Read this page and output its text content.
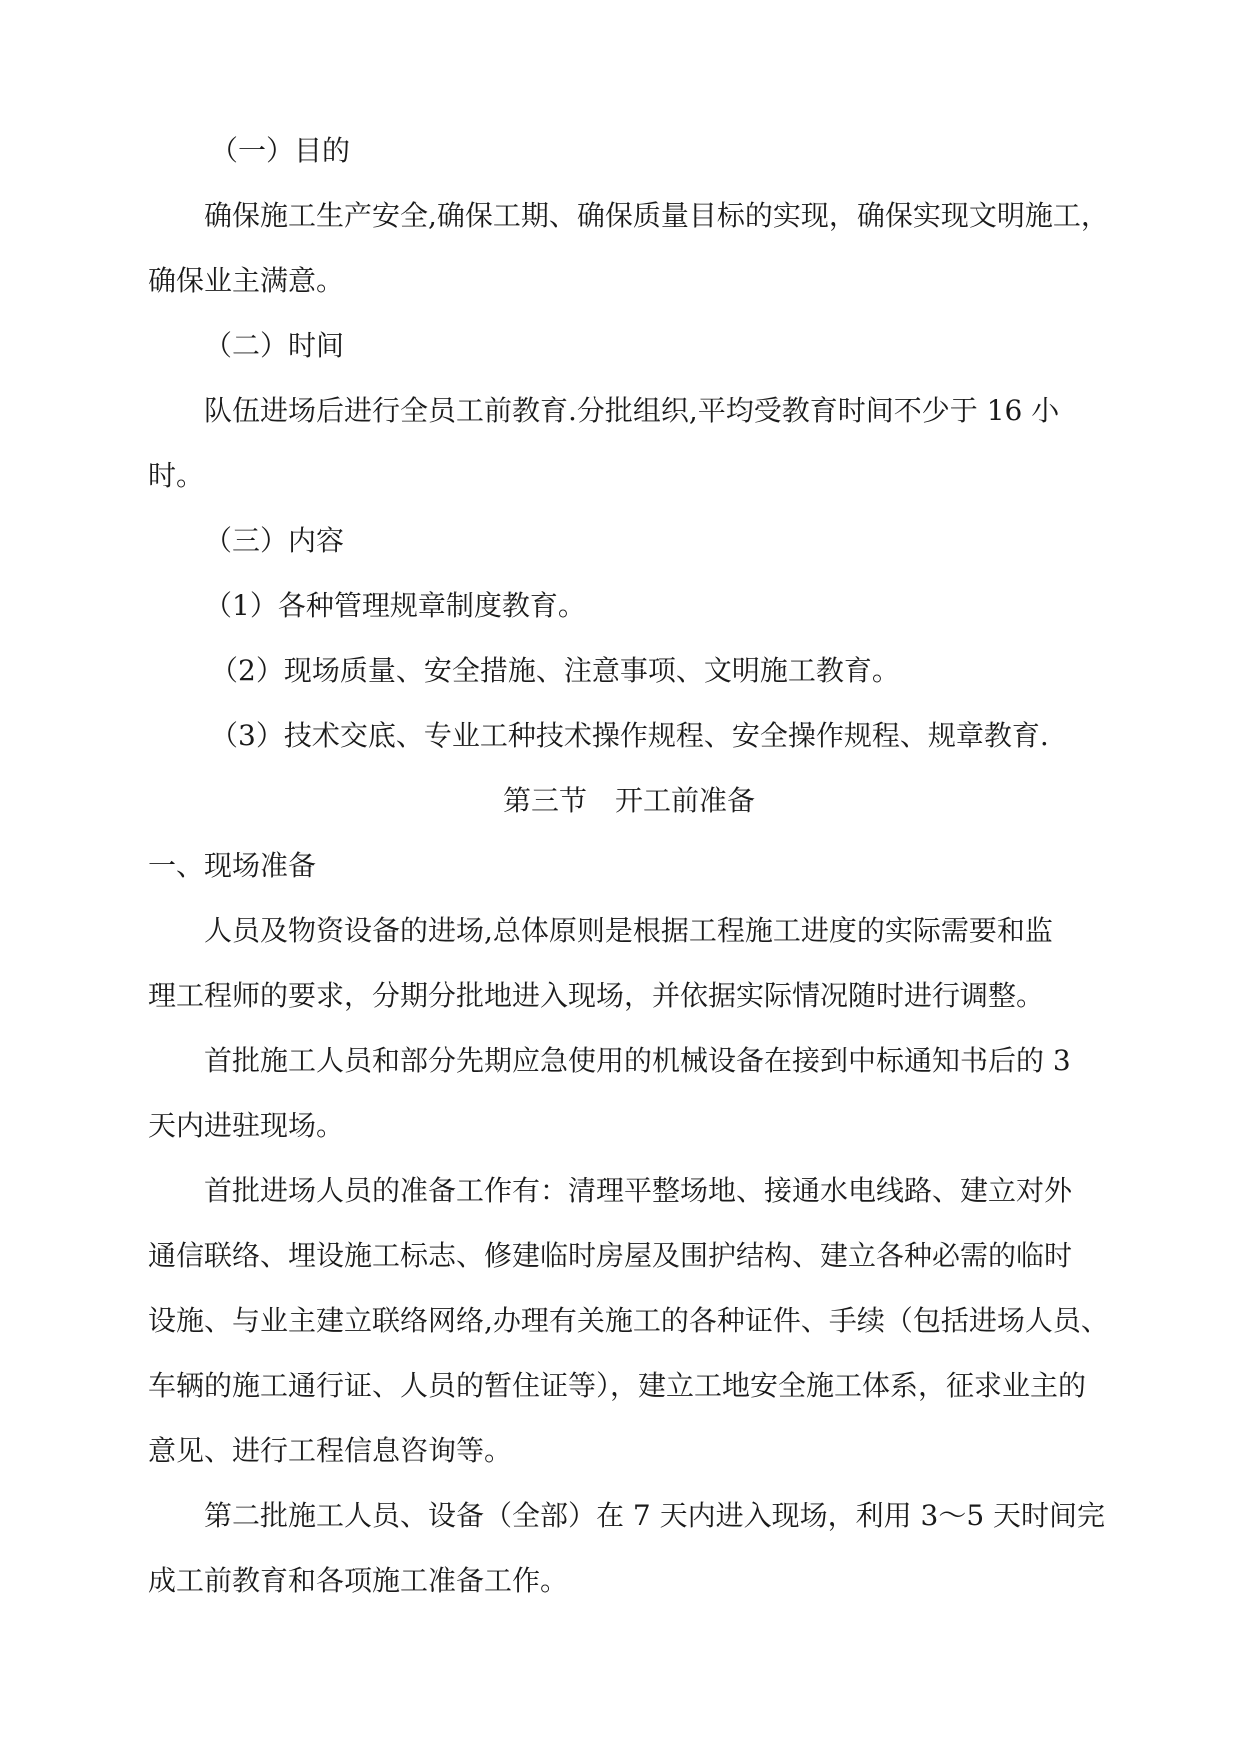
（一）目的
确保施工生产安全,确保工期、确保质量目标的实现，确保实现文明施工，
确保业主满意。
（二）时间
队伍进场后进行全员工前教育.分批组织,平均受教育时间不少于 16 小
时。
（三）内容
（1）各种管理规章制度教育。
（2）现场质量、安全措施、注意事项、文明施工教育。
（3）技术交底、专业工种技术操作规程、安全操作规程、规章教育.
第三节　开工前准备
一、现场准备
人员及物资设备的进场,总体原则是根据工程施工进度的实际需要和监
理工程师的要求，分期分批地进入现场，并依据实际情况随时进行调整。
首批施工人员和部分先期应急使用的机械设备在接到中标通知书后的 3
天内进驻现场。
首批进场人员的准备工作有：清理平整场地、接通水电线路、建立对外
通信联络、埋设施工标志、修建临时房屋及围护结构、建立各种必需的临时
设施、与业主建立联络网络,办理有关施工的各种证件、手续（包括进场人员、
车辆的施工通行证、人员的暂住证等），建立工地安全施工体系，征求业主的
意见、进行工程信息咨询等。
第二批施工人员、设备（全部）在 7 天内进入现场，利用 3～5 天时间完
成工前教育和各项施工准备工作。
